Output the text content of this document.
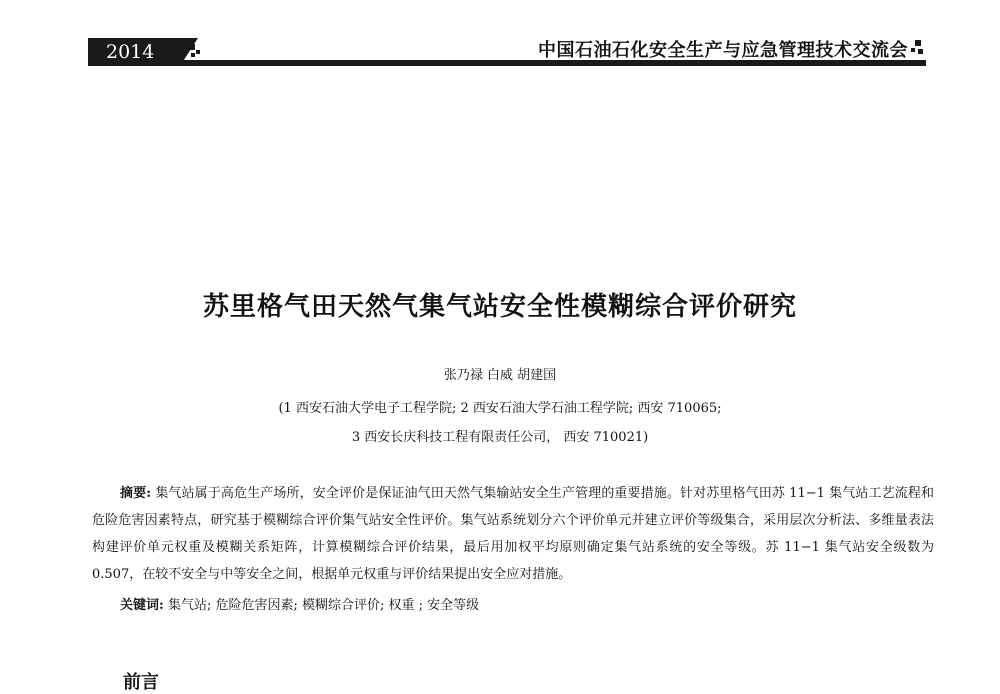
2014	中国石油石化安全生产与应急管理技术交流会
苏里格气田天然气集气站安全性模糊综合评价研究
张乃禄 白威 胡建国
(1 西安石油大学电子工程学院; 2 西安石油大学石油工程学院; 西安 710065;
3 西安长庆科技工程有限责任公司， 西安 710021)
摘要: 集气站属于高危生产场所，安全评价是保证油气田天然气集输站安全生产管理的重要措施。针对苏里格气田苏 11−1 集气站工艺流程和危险危害因素特点，研究基于模糊综合评价集气站安全性评价。集气站系统划分六个评价单元并建立评价等级集合，采用层次分析法、多维量表法构建评价单元权重及模糊关系矩阵，计算模糊综合评价结果，最后用加权平均原则确定集气站系统的安全等级。苏 11−1 集气站安全级数为 0.507，在较不安全与中等安全之间，根据单元权重与评价结果提出安全应对措施。
关键词: 集气站; 危险危害因素; 模糊综合评价; 权重 ; 安全等级
前言
